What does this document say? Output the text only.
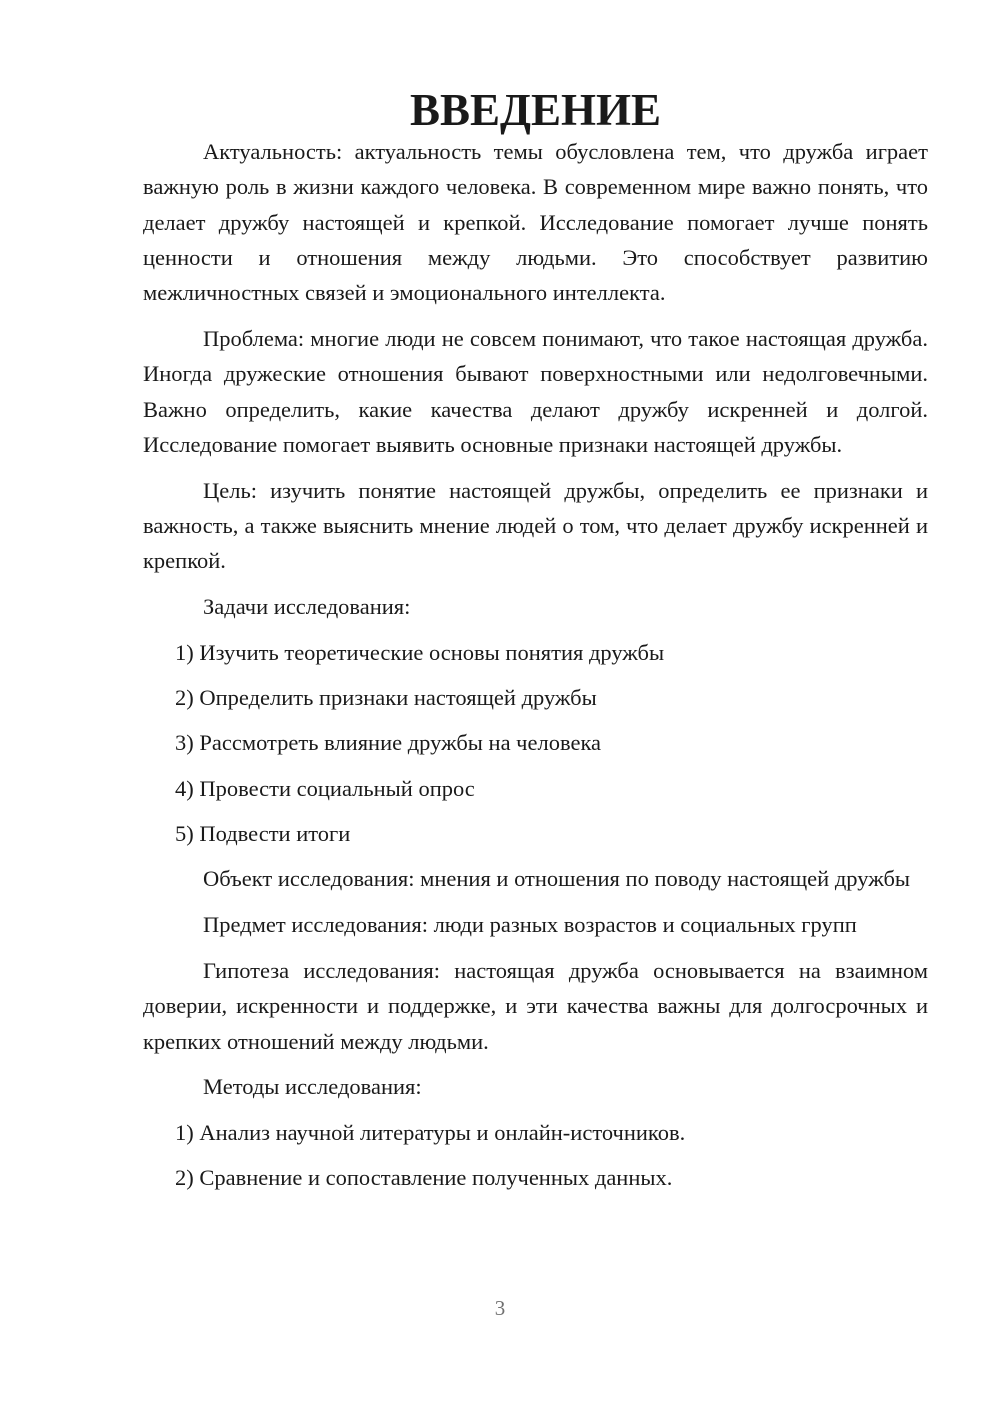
ВВЕДЕНИЕ

Актуальность: актуальность темы обусловлена тем, что дружба играет важную роль в жизни каждого человека. В современном мире важно понять, что делает дружбу настоящей и крепкой. Исследование помогает лучше понять ценности и отношения между людьми. Это способствует развитию межличностных связей и эмоционального интеллекта.

Проблема: многие люди не совсем понимают, что такое настоящая дружба. Иногда дружеские отношения бывают поверхностными или недолговечными. Важно определить, какие качества делают дружбу искренней и долгой. Исследование помогает выявить основные признаки настоящей дружбы.

Цель: изучить понятие настоящей дружбы, определить ее признаки и важность, а также выяснить мнение людей о том, что делает дружбу искренней и крепкой.

Задачи исследования:

1) Изучить теоретические основы понятия дружбы
2) Определить признаки настоящей дружбы
3) Рассмотреть влияние дружбы на человека
4) Провести социальный опрос
5) Подвести итоги

Объект исследования: мнения и отношения по поводу настоящей дружбы

Предмет исследования: люди разных возрастов и социальных групп

Гипотеза исследования: настоящая дружба основывается на взаимном доверии, искренности и поддержке, и эти качества важны для долгосрочных и крепких отношений между людьми.

Методы исследования:

1) Анализ научной литературы и онлайн-источников.
2) Сравнение и сопоставление полученных данных.
3
